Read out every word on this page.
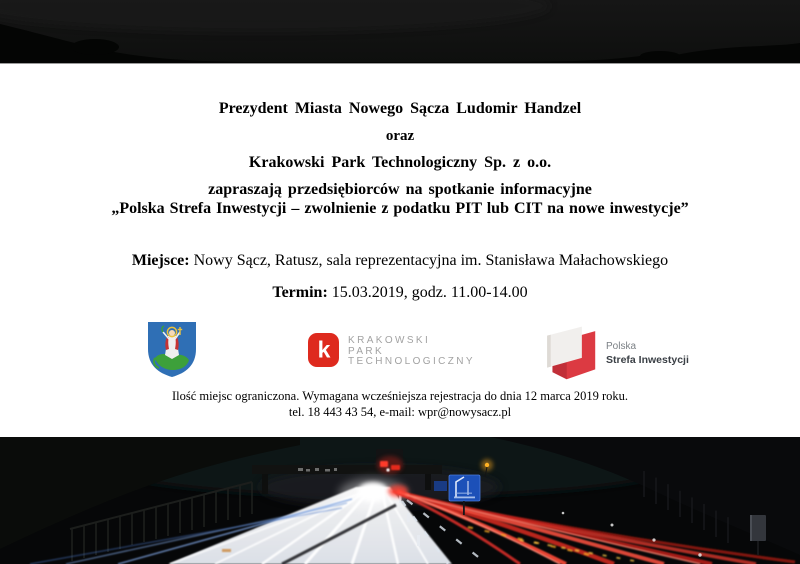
Prezydent Miasta Nowego Sącza Ludomir Handzel
oraz
Krakowski Park Technologiczny Sp. z o.o.
zapraszają przedsiębiorców na spotkanie informacyjne
„Polska Strefa Inwestycji – zwolnienie z podatku PIT lub CIT na nowe inwestycje”
Miejsce: Nowy Sącz, Ratusz, sala reprezentacyjna im. Stanisława Małachowskiego
Termin: 15.03.2019, godz. 11.00-14.00
k KRAKOWSKI
PARK
TECHNOLOGICZNY
Polska
Strefa Inwestycji
Ilość miejsc ograniczona. Wymagana wcześniejsza rejestracja do dnia 12 marca 2019 roku.
tel. 18 443 43 54, e-mail: wpr@nowysacz.pl
